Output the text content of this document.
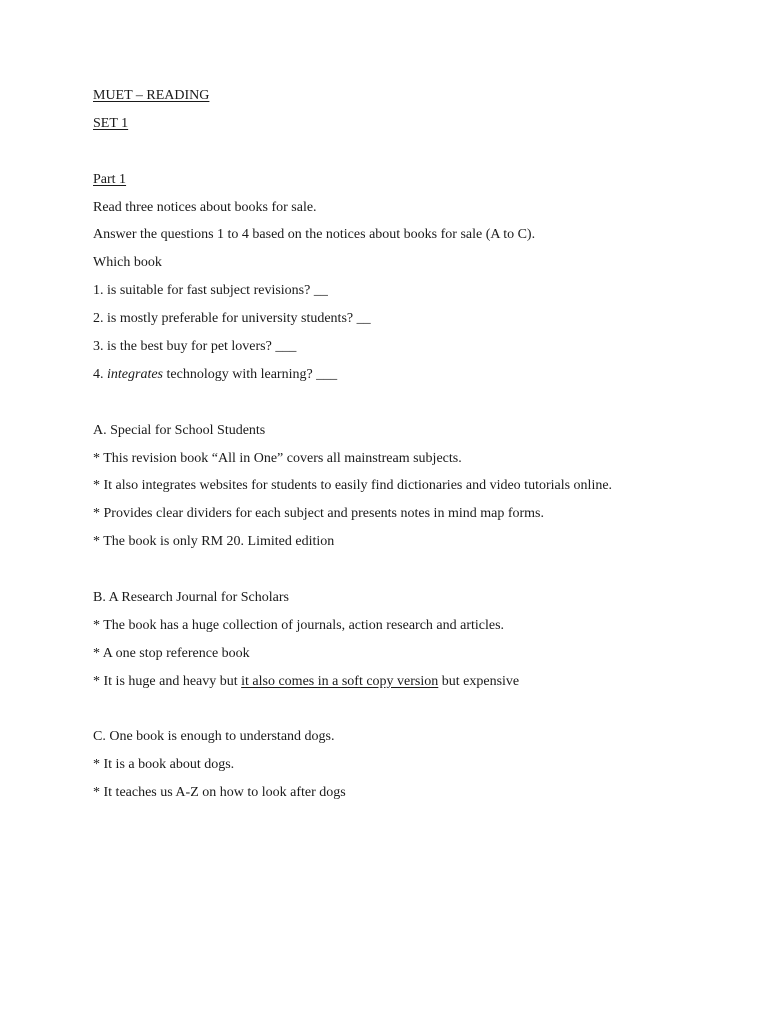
MUET – READING
SET 1
Part 1
Read three notices about books for sale.
Answer the questions 1 to 4 based on the notices about books for sale (A to C).
Which book
1. is suitable for fast subject revisions? __
2. is mostly preferable for university students? __
3. is the best buy for pet lovers? ___
4. integrates technology with learning? ___
A. Special for School Students
* This revision book “All in One” covers all mainstream subjects.
* It also integrates websites for students to easily find dictionaries and video tutorials online.
* Provides clear dividers for each subject and presents notes in mind map forms.
* The book is only RM 20. Limited edition
B. A Research Journal for Scholars
* The book has a huge collection of journals, action research and articles.
* A one stop reference book
* It is huge and heavy but it also comes in a soft copy version but expensive
C. One book is enough to understand dogs.
* It is a book about dogs.
* It teaches us A-Z on how to look after dogs
